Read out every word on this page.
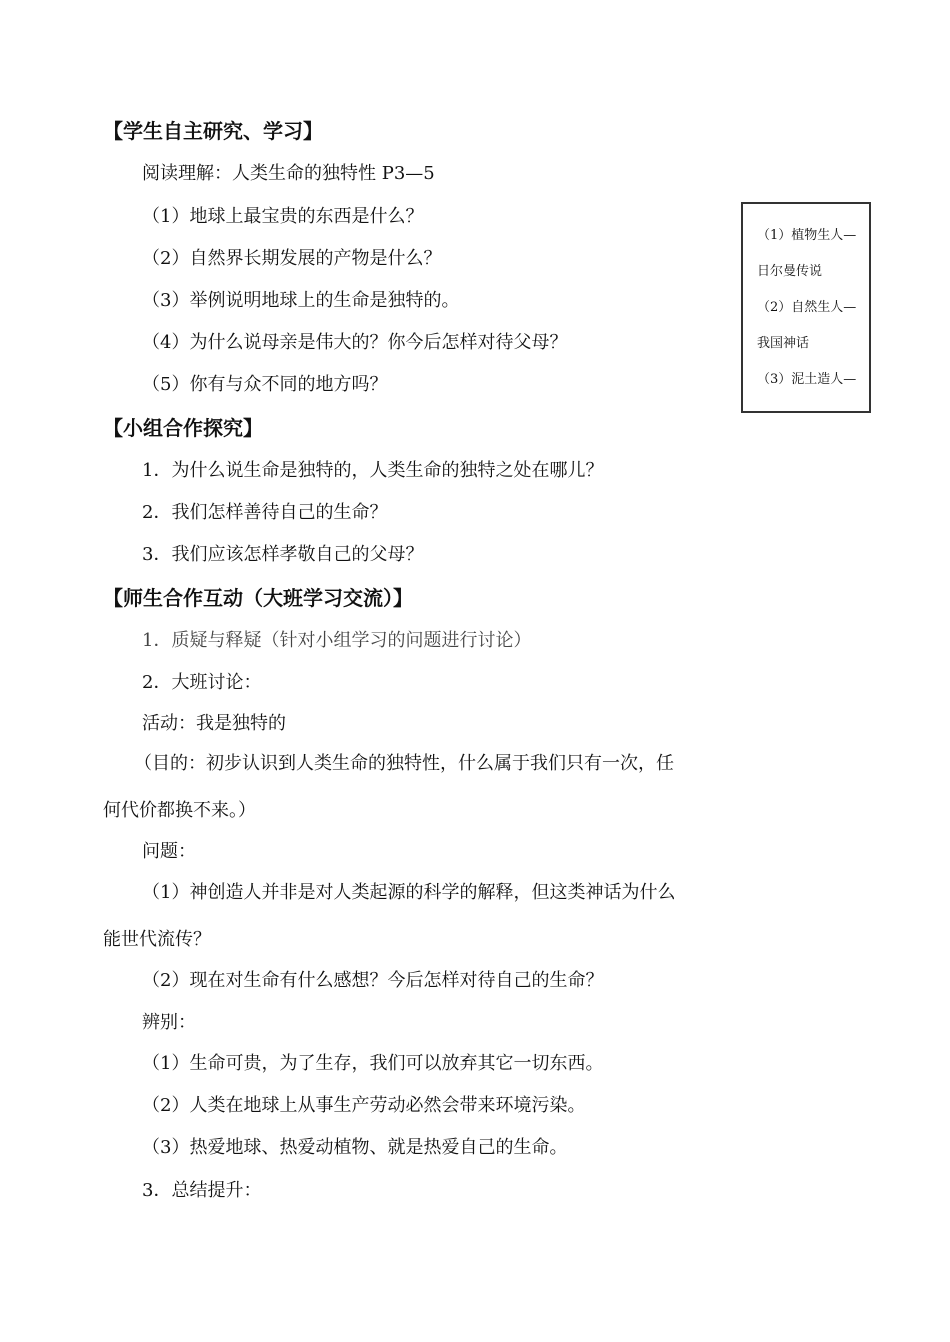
【学生自主研究、学习】
阅读理解：人类生命的独特性 P3—5
（1）地球上最宝贵的东西是什么？
（2）自然界长期发展的产物是什么？
（3）举例说明地球上的生命是独特的。
（4）为什么说母亲是伟大的？你今后怎样对待父母？
（5）你有与众不同的地方吗？
【小组合作探究】
1．为什么说生命是独特的，人类生命的独特之处在哪儿？
2．我们怎样善待自己的生命？
3．我们应该怎样孝敬自己的父母？
【师生合作互动（大班学习交流）】
1．质疑与释疑（针对小组学习的问题进行讨论）
2．大班讨论：
活动：我是独特的
（目的：初步认识到人类生命的独特性，什么属于我们只有一次，任
何代价都换不来。）
问题：
（1）神创造人并非是对人类起源的科学的解释，但这类神话为什么
能世代流传？
（2）现在对生命有什么感想？今后怎样对待自己的生命？
辨别：
（1）生命可贵，为了生存，我们可以放弃其它一切东西。
（2）人类在地球上从事生产劳动必然会带来环境污染。
（3）热爱地球、热爱动植物、就是热爱自己的生命。
3．总结提升：
（1）植物生人—
日尔曼传说
（2）自然生人—
我国神话
（3）泥土造人—
